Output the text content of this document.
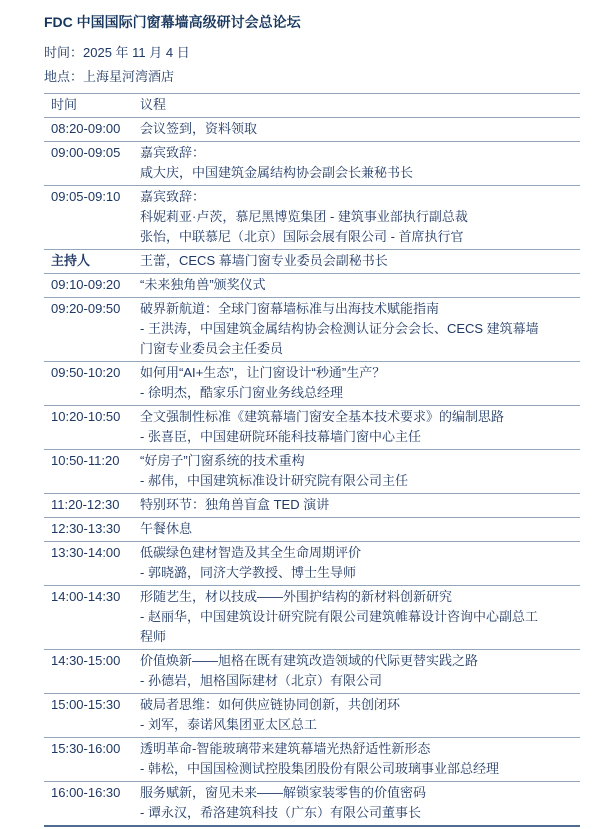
FDC 中国国际门窗幕墙高级研讨会总论坛
时间：2025 年 11 月 4 日
地点：上海星河湾酒店
时间	议程
08:20-09:00	会议签到，资料领取
09:00-09:05	嘉宾致辞：
咸大庆，中国建筑金属结构协会副会长兼秘书长
09:05-09:10	嘉宾致辞：
科妮莉亚·卢茨，慕尼黑博览集团 - 建筑事业部执行副总裁
张怡，中联慕尼（北京）国际会展有限公司 - 首席执行官
主持人	王蕾，CECS 幕墙门窗专业委员会副秘书长
09:10-09:20	“未来独角兽”颁奖仪式
09:20-09:50	破界新航道：全球门窗幕墙标准与出海技术赋能指南
- 王洪涛，中国建筑金属结构协会检测认证分会会长、CECS 建筑幕墙
门窗专业委员会主任委员
09:50-10:20	如何用“AI+生态”，让门窗设计“秒通”生产？
- 徐明杰，酷家乐门窗业务线总经理
10:20-10:50	全文强制性标准《建筑幕墙门窗安全基本技术要求》的编制思路
- 张喜臣，中国建研院环能科技幕墙门窗中心主任
10:50-11:20	“好房子”门窗系统的技术重构
- 郝伟，中国建筑标准设计研究院有限公司主任
11:20-12:30	特别环节：独角兽盲盒 TED 演讲
12:30-13:30	午餐休息
13:30-14:00	低碳绿色建材智造及其全生命周期评价
- 郭晓潞，同济大学教授、博士生导师
14:00-14:30	形随艺生，材以技成——外围护结构的新材料创新研究
- 赵丽华，中国建筑设计研究院有限公司建筑帷幕设计咨询中心副总工
程师
14:30-15:00	价值焕新——旭格在既有建筑改造领域的代际更替实践之路
- 孙德岩，旭格国际建材（北京）有限公司
15:00-15:30	破局者思维：如何供应链协同创新，共创闭环
- 刘军，泰诺风集团亚太区总工
15:30-16:00	透明革命-智能玻璃带来建筑幕墙光热舒适性新形态
- 韩松，中国国检测试控股集团股份有限公司玻璃事业部总经理
16:00-16:30	服务赋新，窗见未来——解锁家装零售的价值密码
- 谭永汉，希洛建筑科技（广东）有限公司董事长
